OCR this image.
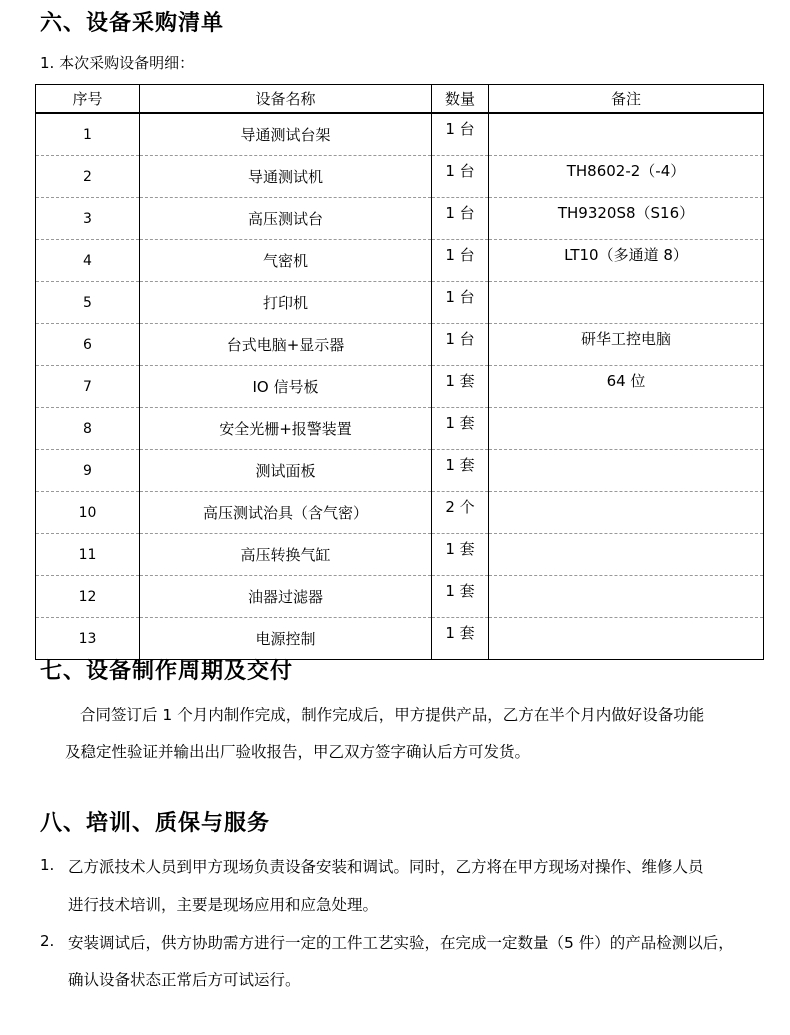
六、设备采购清单
1. 本次采购设备明细：
序号	设备名称	数量	备注
1	导通测试台架	1 台	
2	导通测试机	1 台	TH8602-2（-4）
3	高压测试台	1 台	TH9320S8（S16）
4	气密机	1 台	LT10（多通道 8）
5	打印机	1 台	
6	台式电脑+显示器	1 台	研华工控电脑
7	IO 信号板	1 套	64 位
8	安全光栅+报警装置	1 套	
9	测试面板	1 套	
10	高压测试治具（含气密）	2 个	
11	高压转换气缸	1 套	
12	油器过滤器	1 套	
13	电源控制	1 套	
七、设备制作周期及交付
合同签订后 1 个月内制作完成，制作完成后，甲方提供产品，乙方在半个月内做好设备功能
及稳定性验证并输出出厂验收报告，甲乙双方签字确认后方可发货。
八、培训、质保与服务
1. 乙方派技术人员到甲方现场负责设备安装和调试。同时，乙方将在甲方现场对操作、维修人员
进行技术培训，主要是现场应用和应急处理。
2. 安装调试后，供方协助需方进行一定的工件工艺实验，在完成一定数量（5 件）的产品检测以后，
确认设备状态正常后方可试运行。
